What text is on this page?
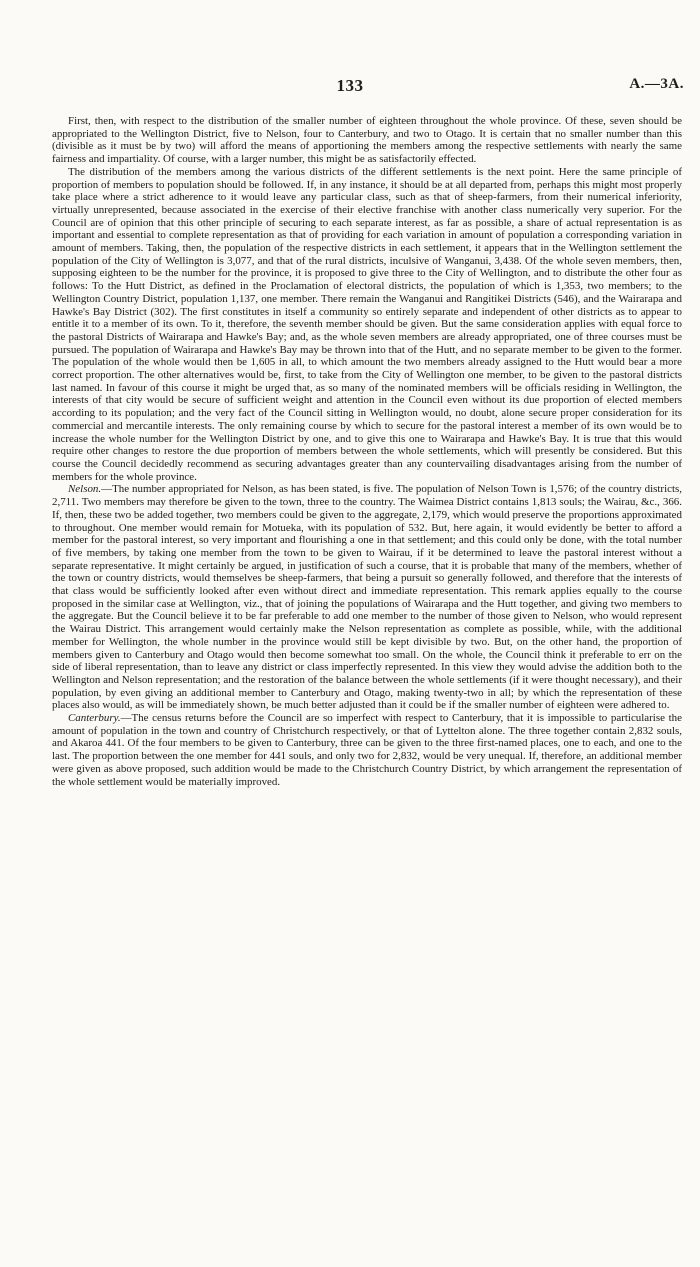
133	A.—3A.

First, then, with respect to the distribution of the smaller number of eighteen throughout the whole province. Of these, seven should be appropriated to the Wellington District, five to Nelson, four to Canterbury, and two to Otago. It is certain that no smaller number than this (divisible as it must be by two) will afford the means of apportioning the members among the respective settlements with nearly the same fairness and impartiality. Of course, with a larger number, this might be as satisfactorily effected.

The distribution of the members among the various districts of the different settlements is the next point. Here the same principle of proportion of members to population should be followed. If, in any instance, it should be at all departed from, perhaps this might most properly take place where a strict adherence to it would leave any particular class, such as that of sheep-farmers, from their numerical inferiority, virtually unrepresented, because associated in the exercise of their elective franchise with another class numerically very superior. For the Council are of opinion that this other principle of securing to each separate interest, as far as possible, a share of actual representation is as important and essential to complete representation as that of providing for each variation in amount of population a corresponding variation in amount of members. Taking, then, the population of the respective districts in each settlement, it appears that in the Wellington settlement the population of the City of Wellington is 3,077, and that of the rural districts, inculsive of Wanganui, 3,438. Of the whole seven members, then, supposing eighteen to be the number for the province, it is proposed to give three to the City of Wellington, and to distribute the other four as follows: To the Hutt District, as defined in the Proclamation of electoral districts, the population of which is 1,353, two members; to the Wellington Country District, population 1,137, one member. There remain the Wanganui and Rangitikei Districts (546), and the Wairarapa and Hawke's Bay District (302). The first constitutes in itself a community so entirely separate and independent of other districts as to appear to entitle it to a member of its own. To it, therefore, the seventh member should be given. But the same consideration applies with equal force to the pastoral Districts of Wairarapa and Hawke's Bay; and, as the whole seven members are already appropriated, one of three courses must be pursued. The population of Wairarapa and Hawke's Bay may be thrown into that of the Hutt, and no separate member to be given to the former. The population of the whole would then be 1,605 in all, to which amount the two members already assigned to the Hutt would bear a more correct proportion. The other alternatives would be, first, to take from the City of Wellington one member, to be given to the pastoral districts last named. In favour of this course it might be urged that, as so many of the nominated members will be officials residing in Wellington, the interests of that city would be secure of sufficient weight and attention in the Council even without its due proportion of elected members according to its population; and the very fact of the Council sitting in Wellington would, no doubt, alone secure proper consideration for its commercial and mercantile interests. The only remaining course by which to secure for the pastoral interest a member of its own would be to increase the whole number for the Wellington District by one, and to give this one to Wairarapa and Hawke's Bay. It is true that this would require other changes to restore the due proportion of members between the whole settlements, which will presently be considered. But this course the Council decidedly recommend as securing advantages greater than any countervailing disadvantages arising from the number of members for the whole province.

Nelson.—The number appropriated for Nelson, as has been stated, is five. The population of Nelson Town is 1,576; of the country districts, 2,711. Two members may therefore be given to the town, three to the country. The Waimea District contains 1,813 souls; the Wairau, &c., 366. If, then, these two be added together, two members could be given to the aggregate, 2,179, which would preserve the proportions approximated to throughout. One member would remain for Motueka, with its population of 532. But, here again, it would evidently be better to afford a member for the pastoral interest, so very important and flourishing a one in that settlement; and this could only be done, with the total number of five members, by taking one member from the town to be given to Wairau, if it be determined to leave the pastoral interest without a separate representative. It might certainly be argued, in justification of such a course, that it is probable that many of the members, whether of the town or country districts, would themselves be sheep-farmers, that being a pursuit so generally followed, and therefore that the interests of that class would be sufficiently looked after even without direct and immediate representation. This remark applies equally to the course proposed in the similar case at Wellington, viz., that of joining the populations of Wairarapa and the Hutt together, and giving two members to the aggregate. But the Council believe it to be far preferable to add one member to the number of those given to Nelson, who would represent the Wairau District. This arrangement would certainly make the Nelson representation as complete as possible, while, with the additional member for Wellington, the whole number in the province would still be kept divisible by two. But, on the other hand, the proportion of members given to Canterbury and Otago would then become somewhat too small. On the whole, the Council think it preferable to err on the side of liberal representation, than to leave any district or class imperfectly represented. In this view they would advise the addition both to the Wellington and Nelson representation; and the restoration of the balance between the whole settlements (if it were thought necessary), and their population, by even giving an additional member to Canterbury and Otago, making twenty-two in all; by which the representation of these places also would, as will be immediately shown, be much better adjusted than it could be if the smaller number of eighteen were adhered to.

Canterbury.—The census returns before the Council are so imperfect with respect to Canterbury, that it is impossible to particularise the amount of population in the town and country of Christchurch respectively, or that of Lyttelton alone. The three together contain 2,832 souls, and Akaroa 441. Of the four members to be given to Canterbury, three can be given to the three first-named places, one to each, and one to the last. The proportion between the one member for 441 souls, and only two for 2,832, would be very unequal. If, therefore, an additional member were given as above proposed, such addition would be made to the Christchurch Country District, by which arrangement the representation of the whole settlement would be materially improved.
